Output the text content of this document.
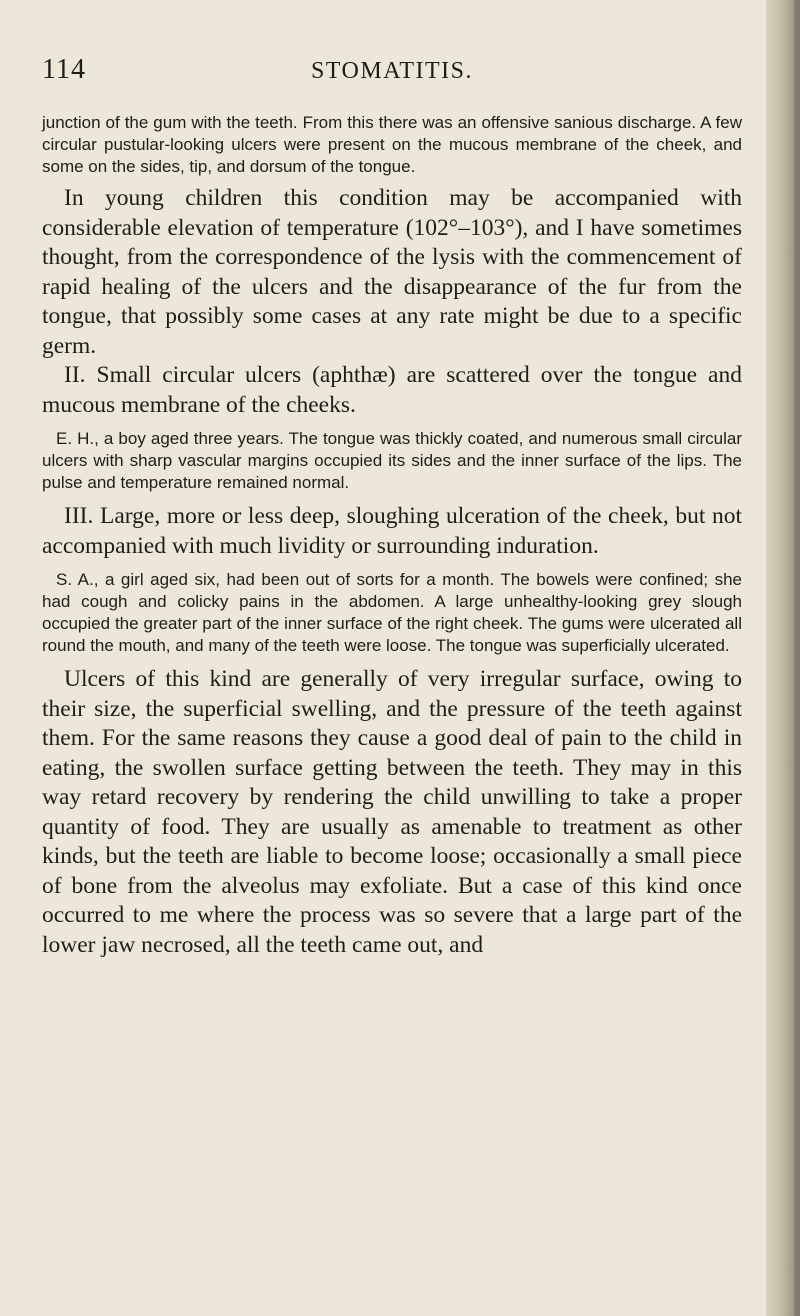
114	STOMATITIS.

junction of the gum with the teeth. From this there was an offensive sanious discharge. A few circular pustular-looking ulcers were present on the mucous membrane of the cheek, and some on the sides, tip, and dorsum of the tongue.

In young children this condition may be accompanied with considerable elevation of temperature (102°–103°), and I have sometimes thought, from the correspondence of the lysis with the commencement of rapid healing of the ulcers and the disappearance of the fur from the tongue, that possibly some cases at any rate might be due to a specific germ.

II. Small circular ulcers (aphthæ) are scattered over the tongue and mucous membrane of the cheeks.

E. H., a boy aged three years. The tongue was thickly coated, and numerous small circular ulcers with sharp vascular margins occupied its sides and the inner surface of the lips. The pulse and temperature remained normal.

III. Large, more or less deep, sloughing ulceration of the cheek, but not accompanied with much lividity or surrounding induration.

S. A., a girl aged six, had been out of sorts for a month. The bowels were confined; she had cough and colicky pains in the abdomen. A large unhealthy-looking grey slough occupied the greater part of the inner surface of the right cheek. The gums were ulcerated all round the mouth, and many of the teeth were loose. The tongue was superficially ulcerated.

Ulcers of this kind are generally of very irregular surface, owing to their size, the superficial swelling, and the pressure of the teeth against them. For the same reasons they cause a good deal of pain to the child in eating, the swollen surface getting between the teeth. They may in this way retard recovery by rendering the child unwilling to take a proper quantity of food. They are usually as amenable to treatment as other kinds, but the teeth are liable to become loose; occasionally a small piece of bone from the alveolus may exfoliate. But a case of this kind once occurred to me where the process was so severe that a large part of the lower jaw necrosed, all the teeth came out, and
